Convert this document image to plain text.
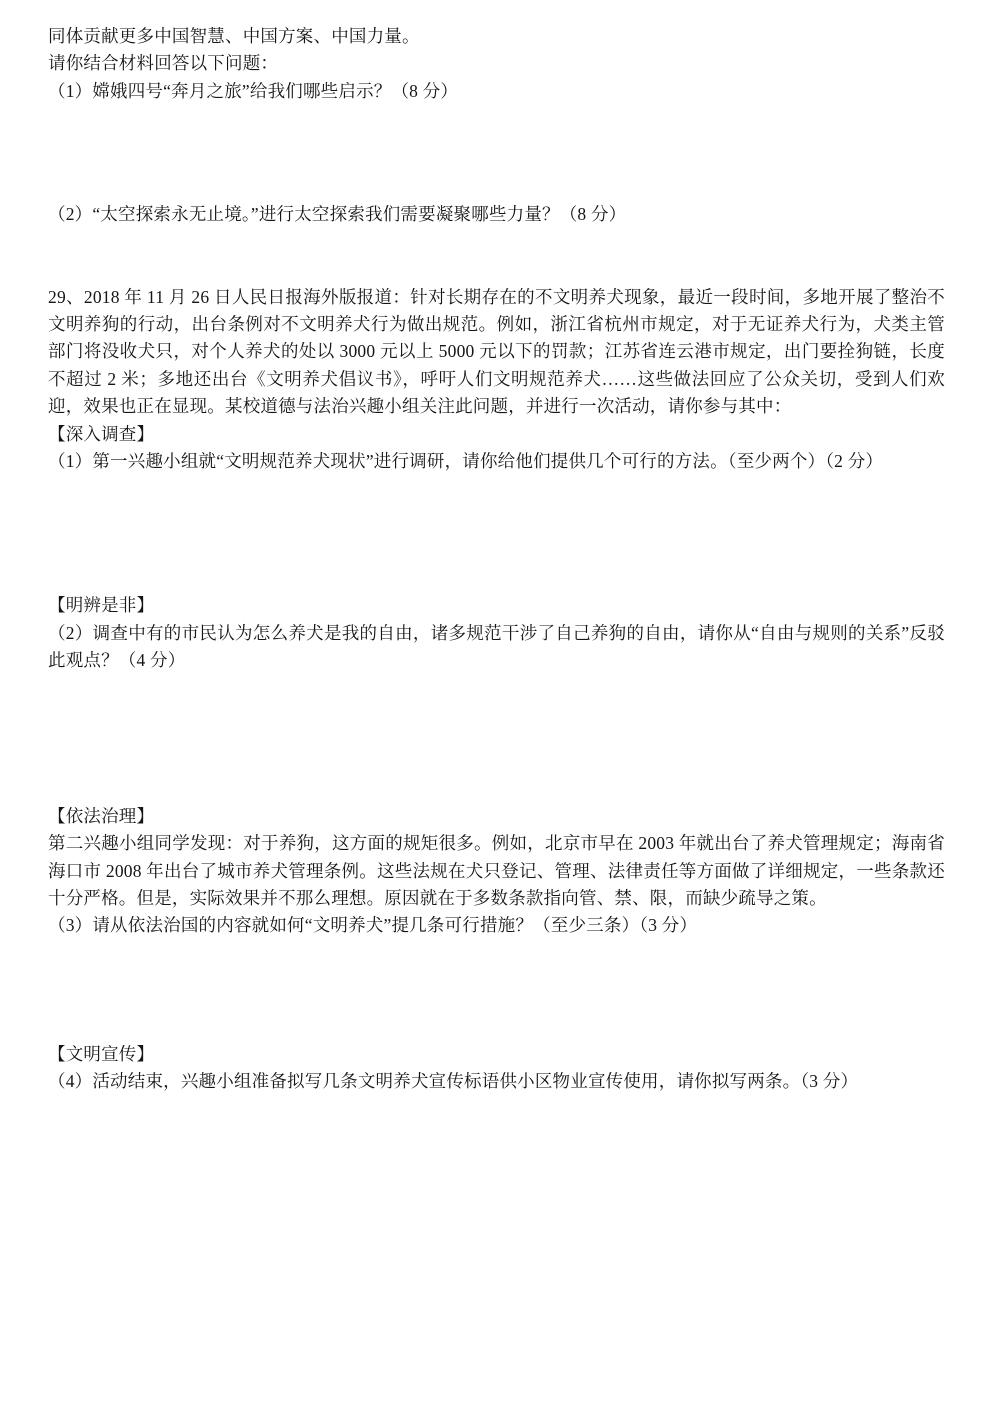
同体贡献更多中国智慧、中国方案、中国力量。

请你结合材料回答以下问题：

（1）嫦娥四号“奔月之旅”给我们哪些启示？（8 分）

（2）“太空探索永无止境。”进行太空探索我们需要凝聚哪些力量？（8 分）

29、2018 年 11 月 26 日人民日报海外版报道：针对长期存在的不文明养犬现象，最近一段时间，多地开展了整治不文明养狗的行动，出台条例对不文明养犬行为做出规范。例如，浙江省杭州市规定，对于无证养犬行为，犬类主管部门将没收犬只，对个人养犬的处以 3000 元以上 5000 元以下的罚款；江苏省连云港市规定，出门要拴狗链，长度不超过 2 米；多地还出台《文明养犬倡议书》，呼吁人们文明规范养犬……这些做法回应了公众关切，受到人们欢迎，效果也正在显现。某校道德与法治兴趣小组关注此问题，并进行一次活动，请你参与其中：

【深入调查】

（1）第一兴趣小组就“文明规范养犬现状”进行调研，请你给他们提供几个可行的方法。（至少两个）（2 分）

【明辨是非】

（2）调查中有的市民认为怎么养犬是我的自由，诸多规范干涉了自己养狗的自由，请你从“自由与规则的关系”反驳此观点？（4 分）

【依法治理】

第二兴趣小组同学发现：对于养狗，这方面的规矩很多。例如，北京市早在 2003 年就出台了养犬管理规定；海南省海口市 2008 年出台了城市养犬管理条例。这些法规在犬只登记、管理、法律责任等方面做了详细规定，一些条款还十分严格。但是，实际效果并不那么理想。原因就在于多数条款指向管、禁、限，而缺少疏导之策。

（3）请从依法治国的内容就如何“文明养犬”提几条可行措施？（至少三条）（3 分）

【文明宣传】

（4）活动结束，兴趣小组准备拟写几条文明养犬宣传标语供小区物业宣传使用，请你拟写两条。（3 分）
